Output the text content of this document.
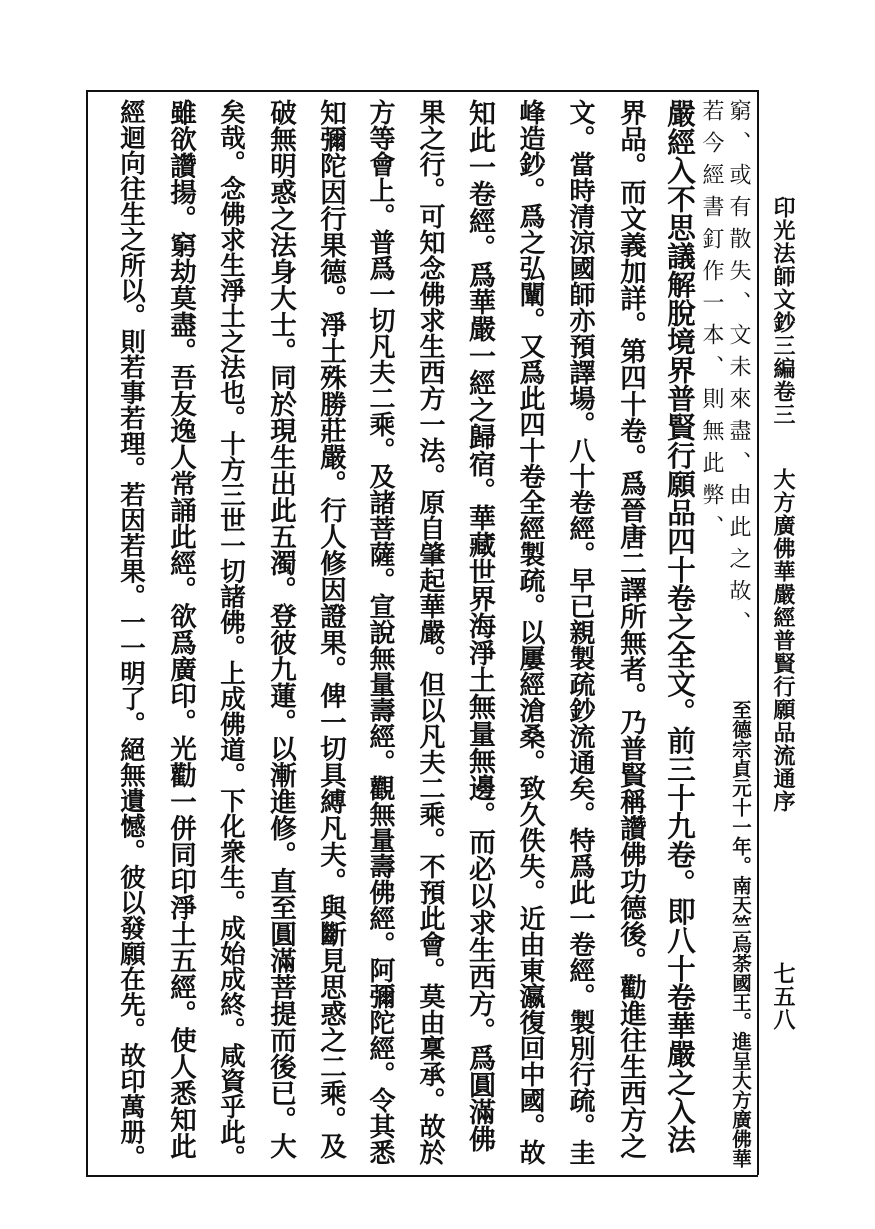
印光法師文鈔三編卷三
大方廣佛華嚴經普賢行願品流通序
七五八
窮、或有散失、文未來盡、由此之故、
若今經書釘作一本、則無此弊、
至德宗貞元十一年。南天竺烏荼國王。進呈大方廣佛華
嚴經入不思議解脫境界普賢行願品四十卷之全文。前三十九卷。即八十卷華嚴之入法
界品。而文義加詳。第四十卷。爲晉唐二譯所無者。乃普賢稱讚佛功德後。勸進往生西方之
文。當時清涼國師亦預譯場。八十卷經。早已親製疏鈔流通矣。特爲此一卷經。製別行疏。圭
峰造鈔。爲之弘闡。又爲此四十卷全經製疏。以屢經滄桑。致久佚失。近由東瀛復回中國。故
知此一卷經。爲華嚴一經之歸宿。華藏世界海淨土無量無邊。而必以求生西方。爲圓滿佛
果之行。可知念佛求生西方一法。原自肇起華嚴。但以凡夫二乘。不預此會。莫由稟承。故於
方等會上。普爲一切凡夫二乘。及諸菩薩。宣說無量壽經。觀無量壽佛經。阿彌陀經。令其悉
知彌陀因行果德。淨土殊勝莊嚴。行人修因證果。俾一切具縛凡夫。與斷見思惑之二乘。及
破無明惑之法身大士。同於現生出此五濁。登彼九蓮。以漸進修。直至圓滿菩提而後已。大
矣哉。念佛求生淨土之法也。十方三世一切諸佛。上成佛道。下化衆生。成始成終。咸資乎此。
雖欲讚揚。窮劫莫盡。吾友逸人常誦此經。欲爲廣印。光勸一併同印淨土五經。使人悉知此
經迴向往生之所以。則若事若理。若因若果。一一明了。絕無遺憾。彼以發願在先。故印萬册。
